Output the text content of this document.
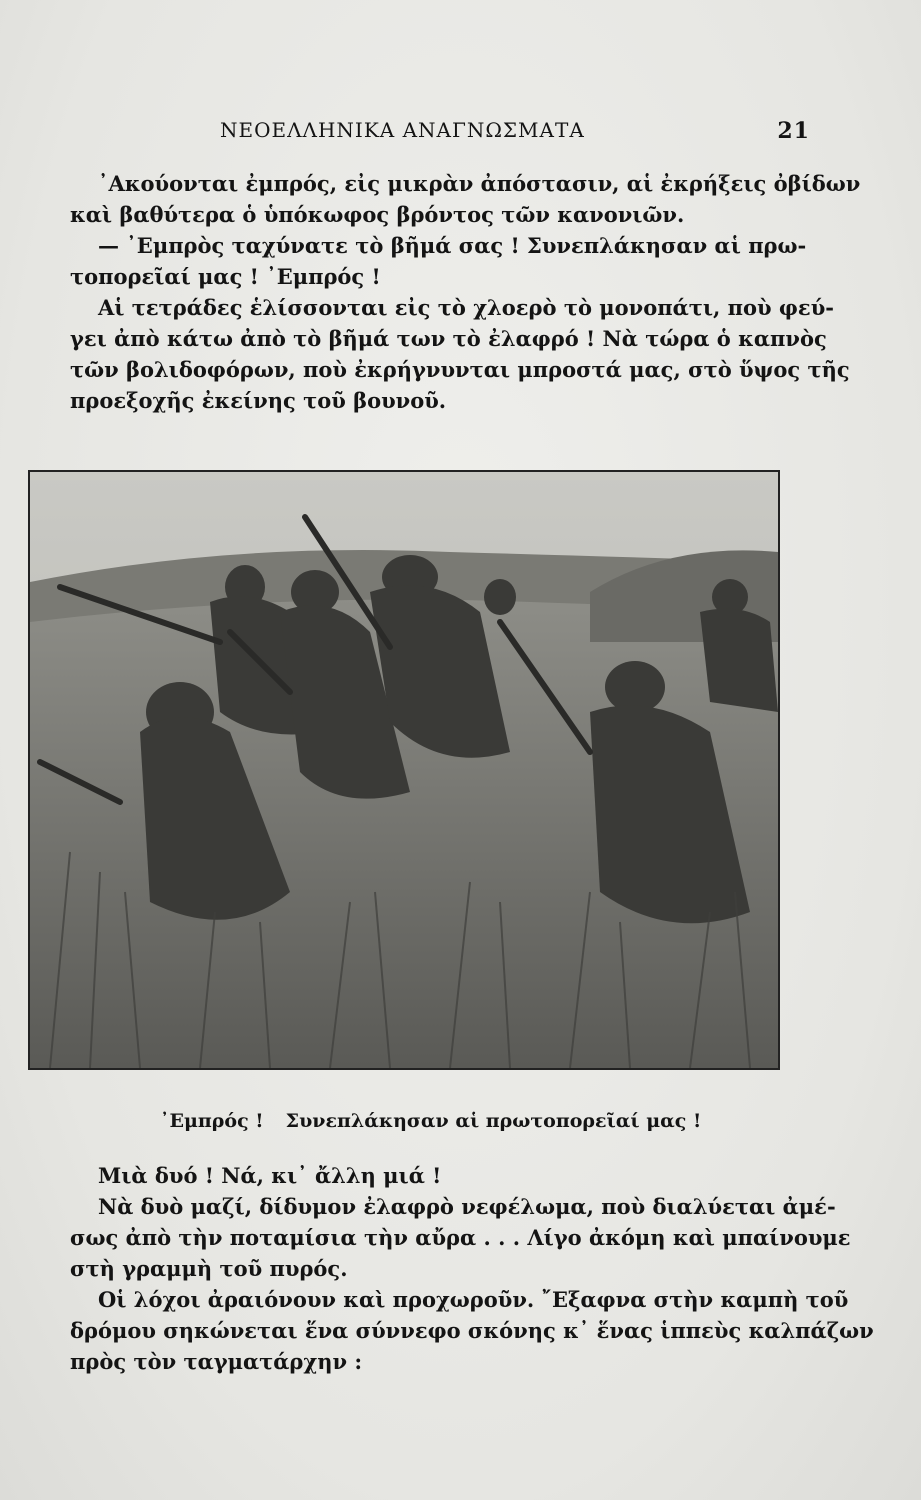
ΝΕΟΕΛΛΗΝΙΚΑ ΑΝΑΓΝΩΣΜΑΤΑ	21
᾿Ακούονται ἐμπρός, εἰς μικρὰν ἀπόστασιν, αἱ ἐκρήξεις ὀβίδων
καὶ βαθύτερα ὁ ὑπόκωφος βρόντος τῶν κανονιῶν.
— ᾿Εμπρὸς ταχύνατε τὸ βῆμά σας ! Συνεπλάκησαν αἱ πρω-
τοπορεῖαί μας ! ᾿Εμπρός !
Αἱ τετράδες ἑλίσσονται εἰς τὸ χλοερὸ τὸ μονοπάτι, ποὺ φεύ-
γει ἀπὸ κάτω ἀπὸ τὸ βῆμά των τὸ ἐλαφρό ! Νὰ τώρα ὁ καπνὸς
τῶν βολιδοφόρων, ποὺ ἐκρήγνυνται μπροστά μας, στὸ ὕψος τῆς
προεξοχῆς ἐκείνης τοῦ βουνοῦ.
᾿Εμπρός ! Συνεπλάκησαν αἱ πρωτοπορεῖαί μας !
Μιὰ δυό ! Νά, κι᾿ ἄλλη μιά !
Νὰ δυὸ μαζί, δίδυμον ἐλαφρὸ νεφέλωμα, ποὺ διαλύεται ἀμέ-
σως ἀπὸ τὴν ποταμίσια τὴν αὔρα . . . Λίγο ἀκόμη καὶ μπαίνουμε
στὴ γραμμὴ τοῦ πυρός.
Οἱ λόχοι ἀραιόνουν καὶ προχωροῦν. ῎Εξαφνα στὴν καμπὴ τοῦ
δρόμου σηκώνεται ἕνα σύννεφο σκόνης κ᾿ ἕνας ἱππεὺς καλπάζων
πρὸς τὸν ταγματάρχην :
